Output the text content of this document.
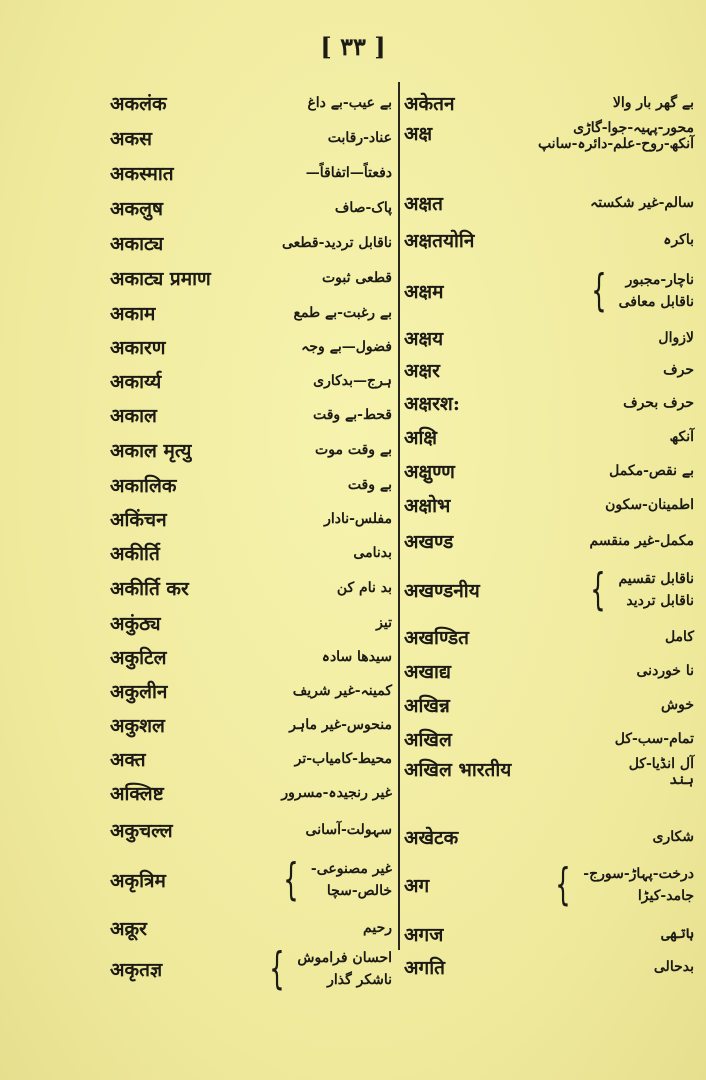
[ ٣٣ ]
अकलंक	بے عیب-بے داغ
अकस	عناد-رقابت
अकस्मात	دفعتاً—اتفاقاً—
अकलुष	پاک-صاف
अकाट्य	ناقابل تردید-قطعی
अकाट्य प्रमाण	قطعی ثبوت
अकाम	بے رغبت-بے طمع
अकारण	فضول—بے وجہ
अकार्य्य	ہرج—بدکاری
अकाल	قحط-بے وقت
अकाल मृत्यु	بے وقت موت
अकालिक	بے وقت
अकिंचन	مفلس-نادار
अकीर्ति	بدنامی
अकीर्ति कर	بد نام کن
अकुंठ्य	تیز
अकुटिल	سیدھا سادہ
अकुलीन	کمینہ-غیر شریف
अकुशल	منحوس-غیر ماہر
अक्त	محیط-کامیاب-تر
अक्लिष्ट	غیر رنجیدہ-مسرور
अकुचल्ल	سہولت-آسانی
अकृत्रिम	{ غیر مصنوعی-
خالص-سچا
अक्रूर	رحیم
अकृतज्ञ { احسان فراموش
ناشکر گذار
अकेतन	بے گھر بار والا
अक्ष	محور-پہیہ-جوا-گاڑی
آنکھ-روح-علم-دائرہ-سانپ
अक्षत	سالم-غیر شکستہ
अक्षतयोनि	باکرہ
अक्षम	{	ناچار-مجبور
ناقابل معافی
अक्षय	لازوال
अक्षर	حرف
अक्षरश:	حرف بحرف
अक्षि	آنکھ
अक्षुण्ण	بے نقص-مکمل
अक्षोभ	اطمینان-سکون
अखण्ड	مکمل-غیر منقسم
अखण्डनीय	{ ناقابل تقسیم
ناقابل تردید
अखण्डित	کامل
अखाद्य	نا خوردنی
अखिन्न	خوش
अखिल	تمام-سب-کل
अखिल भारतीय	آل انڈیا-کل
ہند
अखेटक	شکاری
अग	{ درخت-پہاڑ-سورج-
جامد-کیڑا
अगज	ہاتھی
अगति	بدحالی
